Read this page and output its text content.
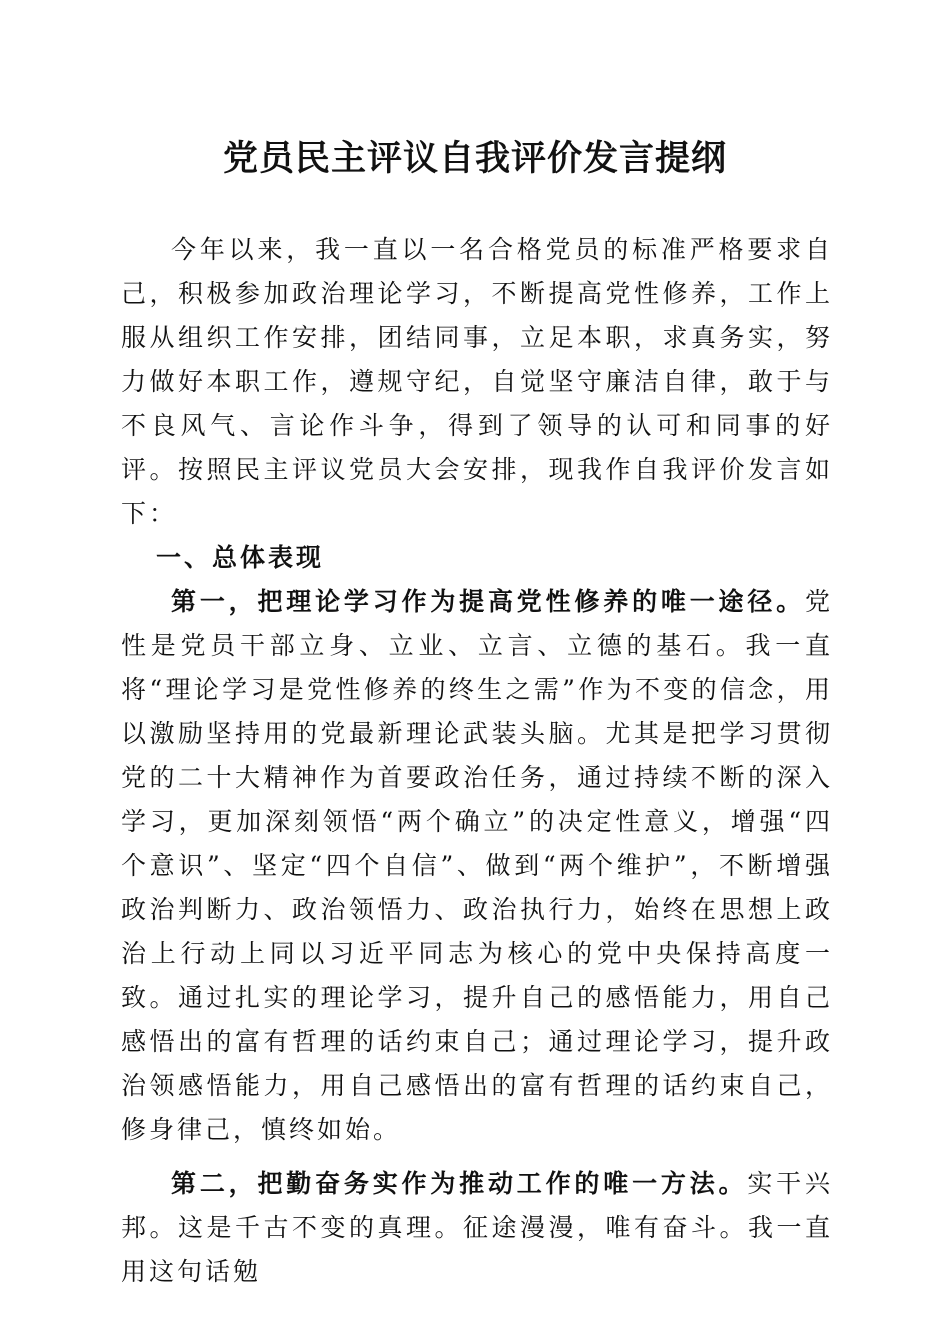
党员民主评议自我评价发言提纲

今年以来，我一直以一名合格党员的标准严格要求自己，积极参加政治理论学习，不断提高党性修养，工作上服从组织工作安排，团结同事，立足本职，求真务实，努力做好本职工作，遵规守纪，自觉坚守廉洁自律，敢于与不良风气、言论作斗争，得到了领导的认可和同事的好评。按照民主评议党员大会安排，现我作自我评价发言如下：

一、总体表现

第一，把理论学习作为提高党性修养的唯一途径。党性是党员干部立身、立业、立言、立德的基石。我一直将“理论学习是党性修养的终生之需”作为不变的信念，用以激励坚持用的党最新理论武装头脑。尤其是把学习贯彻党的二十大精神作为首要政治任务，通过持续不断的深入学习，更加深刻领悟“两个确立”的决定性意义，增强“四个意识”、坚定“四个自信”、做到“两个维护”，不断增强政治判断力、政治领悟力、政治执行力，始终在思想上政治上行动上同以习近平同志为核心的党中央保持高度一致。通过扎实的理论学习，提升自己的感悟能力，用自己感悟出的富有哲理的话约束自己；通过理论学习，提升政治领感悟能力，用自己感悟出的富有哲理的话约束自己，修身律己，慎终如始。

第二，把勤奋务实作为推动工作的唯一方法。实干兴邦。这是千古不变的真理。征途漫漫，唯有奋斗。我一直用这句话勉
